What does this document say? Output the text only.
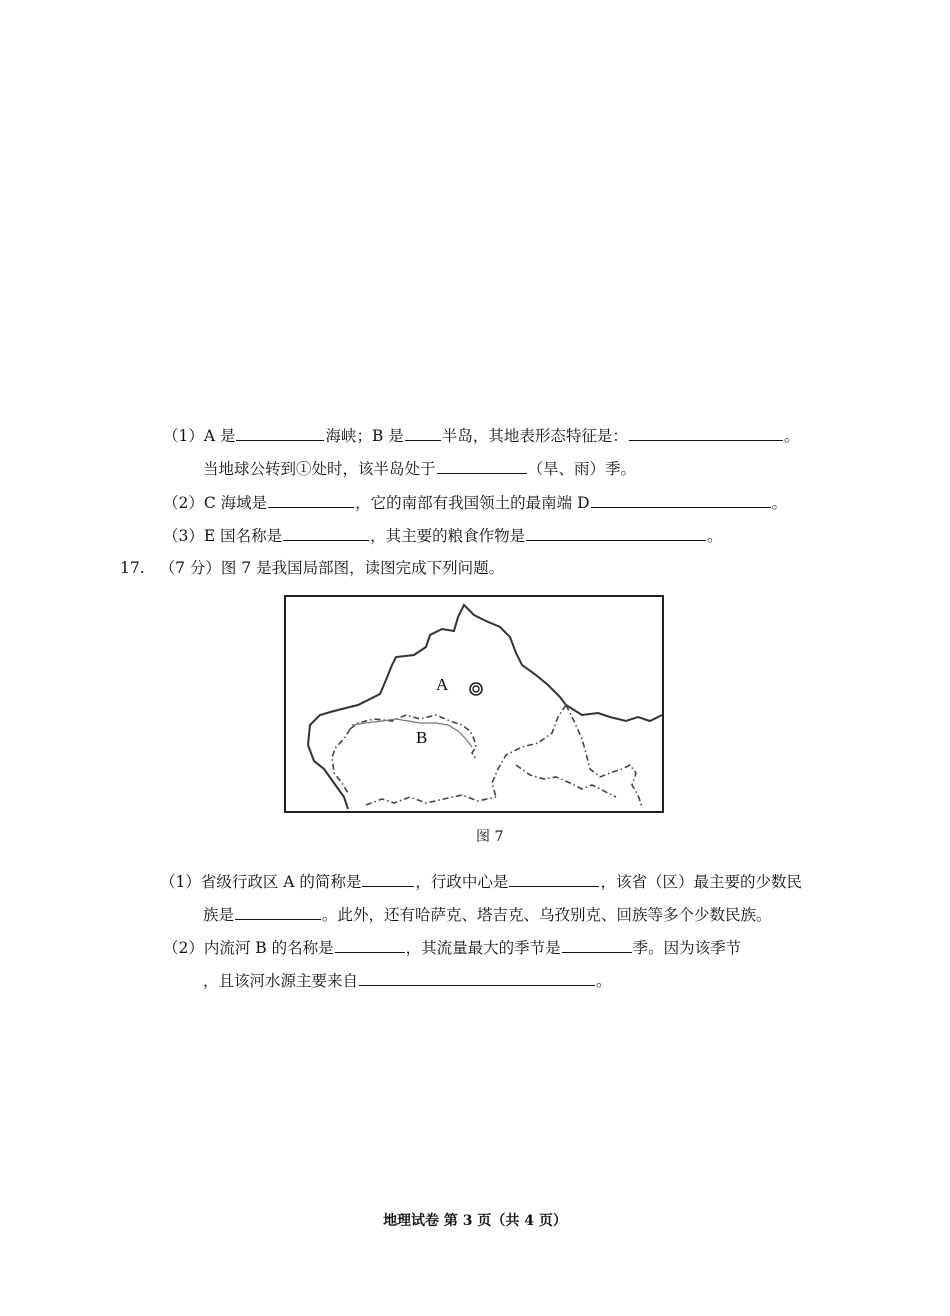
（1）A 是	海峡；B 是 半岛，其地表形态特征是：	。
当地球公转到①处时，该半岛处于	（旱、雨）季。
（2）C 海域是	，它的南部有我国领土的最南端 D	。
（3）E 国名称是	，其主要的粮食作物是	。
17. （7 分）图 7 是我国局部图，读图完成下列问题。
A
B
图 7
（1）省级行政区 A 的简称是	，行政中心是	，该省（区）最主要的少数民
族是	。此外，还有哈萨克、塔吉克、乌孜别克、回族等多个少数民族。
（2）内流河 B 的名称是	，其流量最大的季节是	季。因为该季节
，且该河水源主要来自	。
地理试卷 第 3 页（共 4 页）
